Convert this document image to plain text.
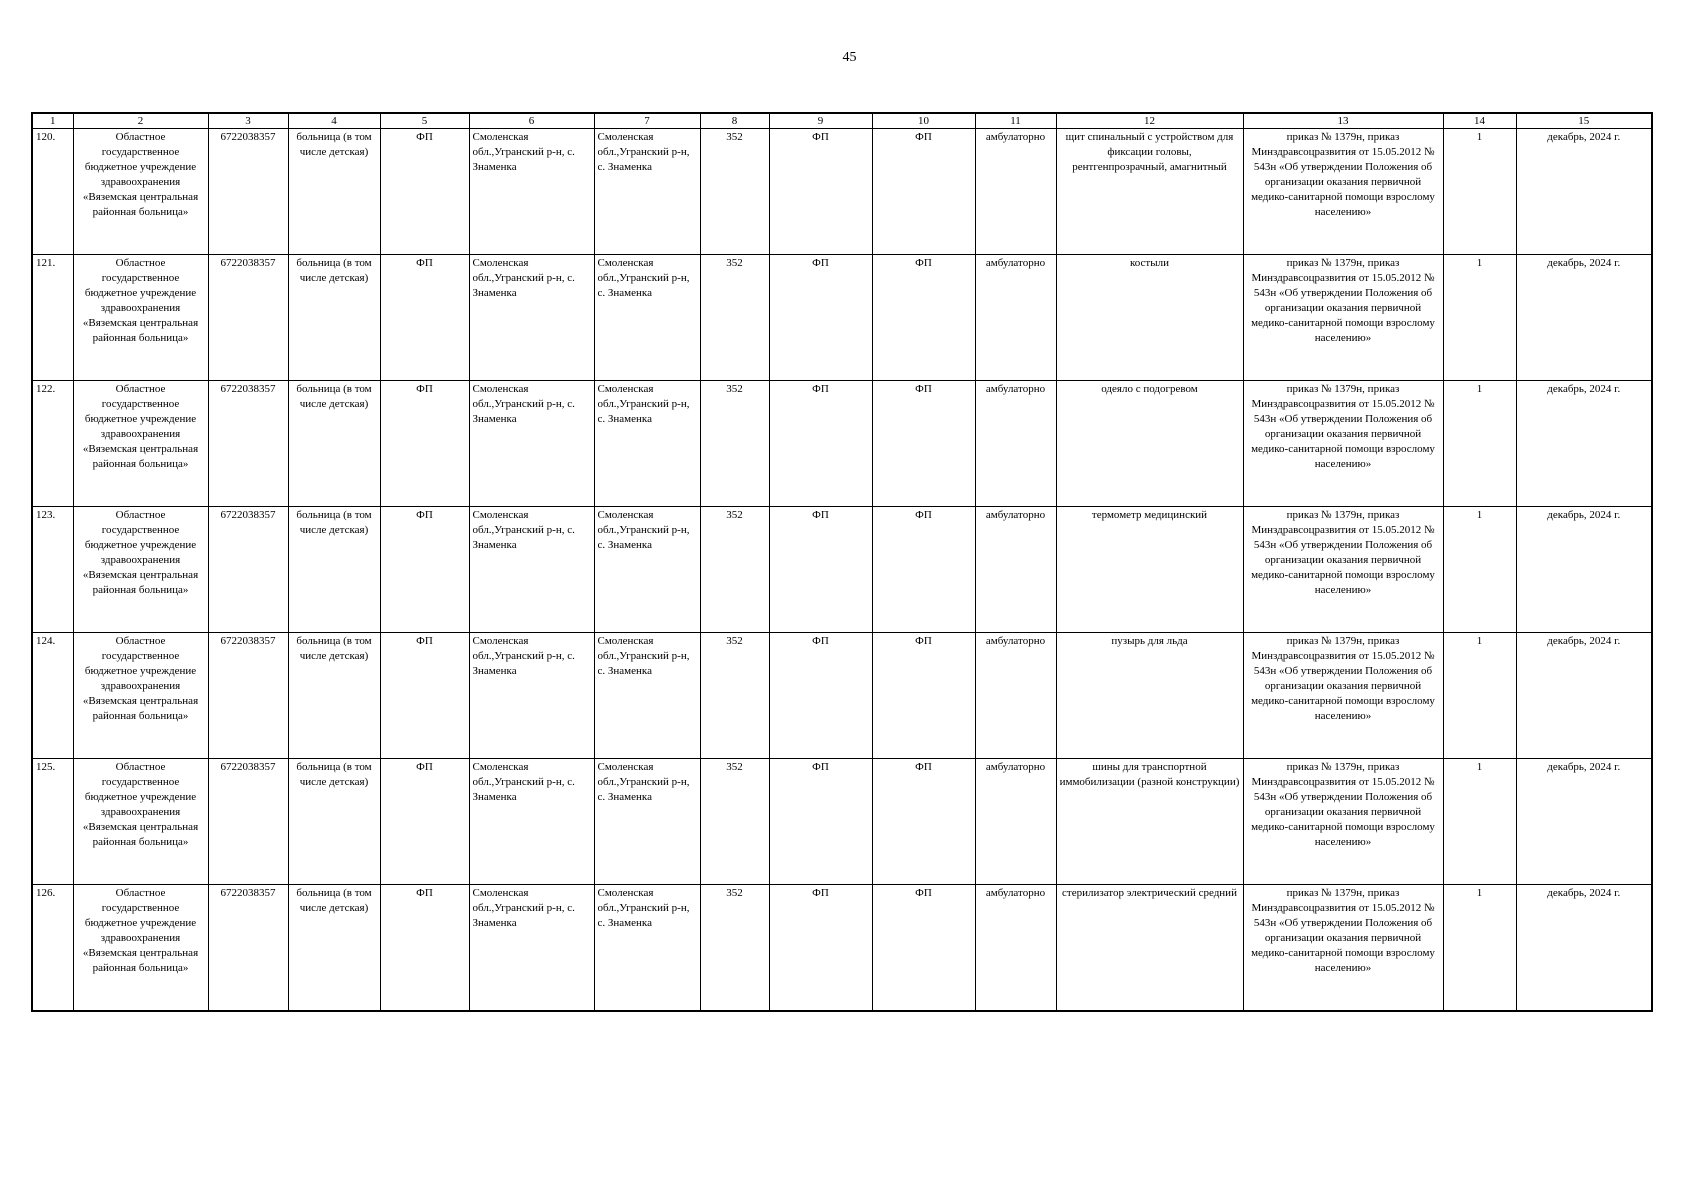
45
1	2	3	4	5	6	7	8	9	10	11	12	13	14	15
120.	Областное государственное бюджетное учреждение здравоохранения «Вяземская центральная районная больница»	6722038357	больница (в том числе детская)	ФП	Смоленская обл.,Угранский р-н, с. Знаменка	Смоленская обл.,Угранский р-н, с. Знаменка	352	ФП	ФП	амбулаторно	щит спинальный с устройством для фиксации головы, рентгенпрозрачный, амагнитный	приказ № 1379н, приказ Минздравсоцразвития от 15.05.2012 № 543н «Об утверждении Положения об организации оказания первичной медико-санитарной помощи взрослому населению»	1	декабрь, 2024 г.
121.	Областное государственное бюджетное учреждение здравоохранения «Вяземская центральная районная больница»	6722038357	больница (в том числе детская)	ФП	Смоленская обл.,Угранский р-н, с. Знаменка	Смоленская обл.,Угранский р-н, с. Знаменка	352	ФП	ФП	амбулаторно	костыли	приказ № 1379н, приказ Минздравсоцразвития от 15.05.2012 № 543н «Об утверждении Положения об организации оказания первичной медико-санитарной помощи взрослому населению»	1	декабрь, 2024 г.
122.	Областное государственное бюджетное учреждение здравоохранения «Вяземская центральная районная больница»	6722038357	больница (в том числе детская)	ФП	Смоленская обл.,Угранский р-н, с. Знаменка	Смоленская обл.,Угранский р-н, с. Знаменка	352	ФП	ФП	амбулаторно	одеяло с подогревом	приказ № 1379н, приказ Минздравсоцразвития от 15.05.2012 № 543н «Об утверждении Положения об организации оказания первичной медико-санитарной помощи взрослому населению»	1	декабрь, 2024 г.
123.	Областное государственное бюджетное учреждение здравоохранения «Вяземская центральная районная больница»	6722038357	больница (в том числе детская)	ФП	Смоленская обл.,Угранский р-н, с. Знаменка	Смоленская обл.,Угранский р-н, с. Знаменка	352	ФП	ФП	амбулаторно	термометр медицинский	приказ № 1379н, приказ Минздравсоцразвития от 15.05.2012 № 543н «Об утверждении Положения об организации оказания первичной медико-санитарной помощи взрослому населению»	1	декабрь, 2024 г.
124.	Областное государственное бюджетное учреждение здравоохранения «Вяземская центральная районная больница»	6722038357	больница (в том числе детская)	ФП	Смоленская обл.,Угранский р-н, с. Знаменка	Смоленская обл.,Угранский р-н, с. Знаменка	352	ФП	ФП	амбулаторно	пузырь для льда	приказ № 1379н, приказ Минздравсоцразвития от 15.05.2012 № 543н «Об утверждении Положения об организации оказания первичной медико-санитарной помощи взрослому населению»	1	декабрь, 2024 г.
125.	Областное государственное бюджетное учреждение здравоохранения «Вяземская центральная районная больница»	6722038357	больница (в том числе детская)	ФП	Смоленская обл.,Угранский р-н, с. Знаменка	Смоленская обл.,Угранский р-н, с. Знаменка	352	ФП	ФП	амбулаторно	шины для транспортной иммобилизации (разной конструкции)	приказ № 1379н, приказ Минздравсоцразвития от 15.05.2012 № 543н «Об утверждении Положения об организации оказания первичной медико-санитарной помощи взрослому населению»	1	декабрь, 2024 г.
126.	Областное государственное бюджетное учреждение здравоохранения «Вяземская центральная районная больница»	6722038357	больница (в том числе детская)	ФП	Смоленская обл.,Угранский р-н, с. Знаменка	Смоленская обл.,Угранский р-н, с. Знаменка	352	ФП	ФП	амбулаторно	стерилизатор электрический средний	приказ № 1379н, приказ Минздравсоцразвития от 15.05.2012 № 543н «Об утверждении Положения об организации оказания первичной медико-санитарной помощи взрослому населению»	1	декабрь, 2024 г.
